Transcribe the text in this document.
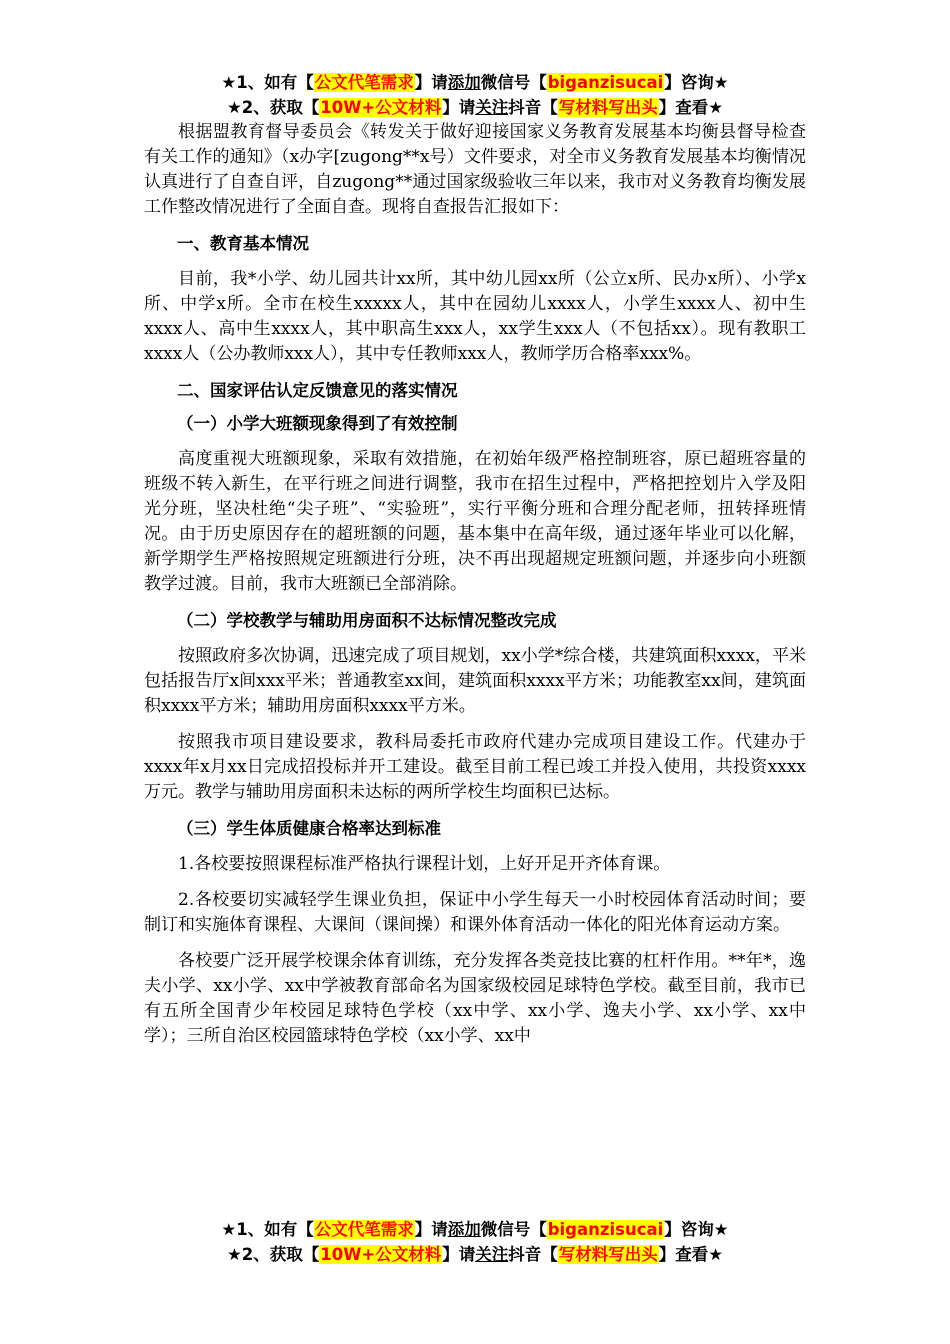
★1、如有【公文代笔需求】请添加微信号【biganzisucai】咨询★
★2、获取【10W+公文材料】请关注抖音【写材料写出头】查看★

根据盟教育督导委员会《转发关于做好迎接国家义务教育发展基本均衡县督导检查有关工作的通知》（x办字[zugong**x号）文件要求，对全市义务教育发展基本均衡情况认真进行了自查自评，自zugong**通过国家级验收三年以来，我市对义务教育均衡发展工作整改情况进行了全面自查。现将自查报告汇报如下：

一、教育基本情况

目前，我*小学、幼儿园共计xx所，其中幼儿园xx所（公立x所、民办x所）、小学x所、中学x所。全市在校生xxxxx人，其中在园幼儿xxxx人，小学生xxxx人、初中生xxxx人、高中生xxxx人，其中职高生xxx人，xx学生xxx人（不包括xx）。现有教职工xxxx人（公办教师xxx人），其中专任教师xxx人，教师学历合格率xxx%。

二、国家评估认定反馈意见的落实情况
（一）小学大班额现象得到了有效控制

高度重视大班额现象，采取有效措施，在初始年级严格控制班容，原已超班容量的班级不转入新生，在平行班之间进行调整，我市在招生过程中，严格把控划片入学及阳光分班，坚决杜绝“尖子班”、“实验班”，实行平衡分班和合理分配老师，扭转择班情况。由于历史原因存在的超班额的问题，基本集中在高年级，通过逐年毕业可以化解，新学期学生严格按照规定班额进行分班，决不再出现超规定班额问题，并逐步向小班额教学过渡。目前，我市大班额已全部消除。

（二）学校教学与辅助用房面积不达标情况整改完成

按照政府多次协调，迅速完成了项目规划，xx小学*综合楼，共建筑面积xxxx，平米包括报告厅x间xxx平米；普通教室xx间，建筑面积xxxx平方米；功能教室xx间，建筑面积xxxx平方米；辅助用房面积xxxx平方米。

按照我市项目建设要求，教科局委托市政府代建办完成项目建设工作。代建办于xxxx年x月xx日完成招投标并开工建设。截至目前工程已竣工并投入使用，共投资xxxx万元。教学与辅助用房面积未达标的两所学校生均面积已达标。

（三）学生体质健康合格率达到标准

1.各校要按照课程标准严格执行课程计划，上好开足开齐体育课。

2.各校要切实减轻学生课业负担，保证中小学生每天一小时校园体育活动时间；要制订和实施体育课程、大课间（课间操）和课外体育活动一体化的阳光体育运动方案。

各校要广泛开展学校课余体育训练，充分发挥各类竞技比赛的杠杆作用。**年*，逸夫小学、xx小学、xx中学被教育部命名为国家级校园足球特色学校。截至目前，我市已有五所全国青少年校园足球特色学校（xx中学、xx小学、逸夫小学、xx小学、xx中学）；三所自治区校园篮球特色学校（xx小学、xx中

★1、如有【公文代笔需求】请添加微信号【biganzisucai】咨询★
★2、获取【10W+公文材料】请关注抖音【写材料写出头】查看★
